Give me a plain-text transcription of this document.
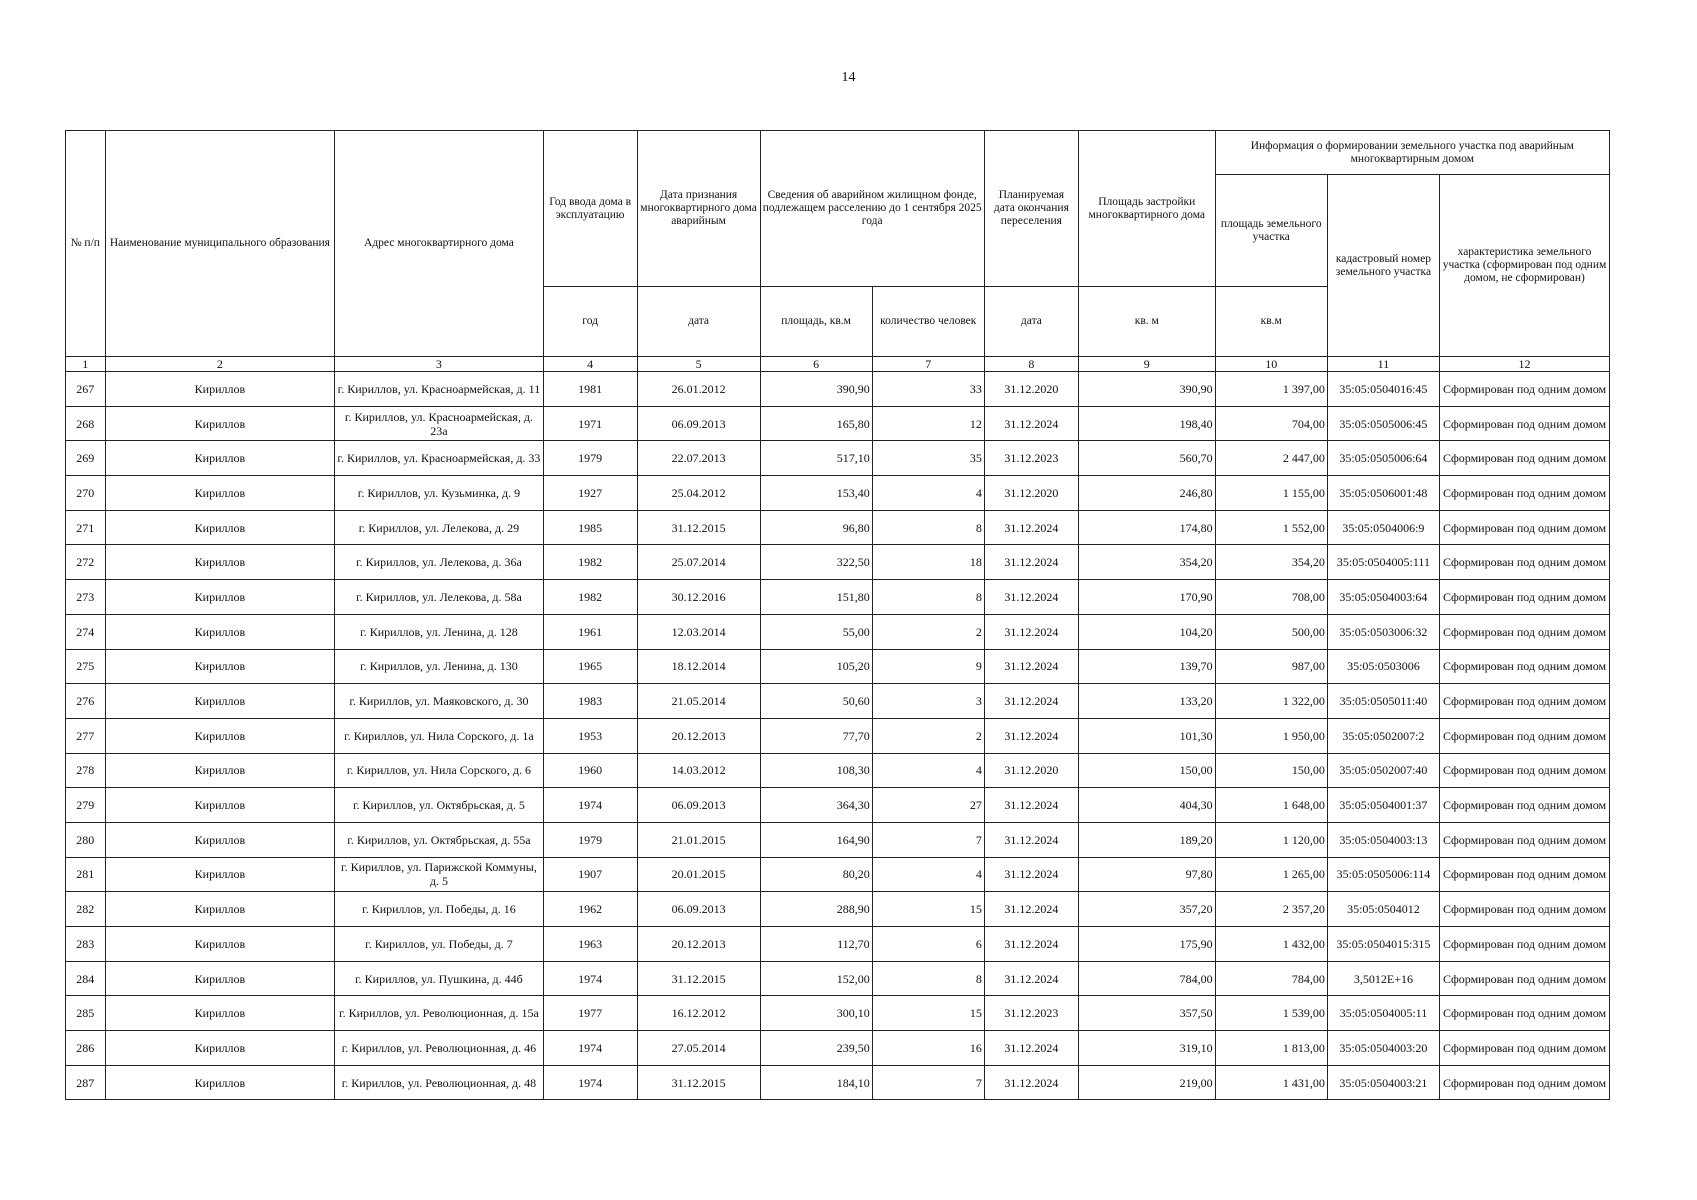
14
№ п/п	Наименование муниципального образования	Адрес многоквартирного дома	Год ввода дома в эксплуатацию	Дата признания многоквартирного дома аварийным	Сведения об аварийном жилищном фонде, подлежащем расселению до 1 сентября 2025 года		Планируемая дата окончания переселения	Площадь застройки многоквартирного дома	Информация о формировании земельного участка под аварийным многоквартирным домом		
									площадь земельного участка	кадастровый номер земельного участка	характеристика земельного участка (сформирован под одним домом, не сформирован)
			год	дата	площадь, кв.м	количество человек	дата	кв. м	кв.м		
1	2	3	4	5	6	7	8	9	10	11	12
267	Кириллов	г. Кириллов, ул. Красноармейская, д. 11	1981	26.01.2012	390,90	33	31.12.2020	390,90	1 397,00	35:05:0504016:45	Сформирован под одним домом
268	Кириллов	г. Кириллов, ул. Красноармейская, д. 23а	1971	06.09.2013	165,80	12	31.12.2024	198,40	704,00	35:05:0505006:45	Сформирован под одним домом
269	Кириллов	г. Кириллов, ул. Красноармейская, д. 33	1979	22.07.2013	517,10	35	31.12.2023	560,70	2 447,00	35:05:0505006:64	Сформирован под одним домом
270	Кириллов	г. Кириллов, ул. Кузьминка, д. 9	1927	25.04.2012	153,40	4	31.12.2020	246,80	1 155,00	35:05:0506001:48	Сформирован под одним домом
271	Кириллов	г. Кириллов, ул. Лелекова, д. 29	1985	31.12.2015	96,80	8	31.12.2024	174,80	1 552,00	35:05:0504006:9	Сформирован под одним домом
272	Кириллов	г. Кириллов, ул. Лелекова, д. 36а	1982	25.07.2014	322,50	18	31.12.2024	354,20	354,20	35:05:0504005:111	Сформирован под одним домом
273	Кириллов	г. Кириллов, ул. Лелекова, д. 58а	1982	30.12.2016	151,80	8	31.12.2024	170,90	708,00	35:05:0504003:64	Сформирован под одним домом
274	Кириллов	г. Кириллов, ул. Ленина, д. 128	1961	12.03.2014	55,00	2	31.12.2024	104,20	500,00	35:05:0503006:32	Сформирован под одним домом
275	Кириллов	г. Кириллов, ул. Ленина, д. 130	1965	18.12.2014	105,20	9	31.12.2024	139,70	987,00	35:05:0503006	Сформирован под одним домом
276	Кириллов	г. Кириллов, ул. Маяковского, д. 30	1983	21.05.2014	50,60	3	31.12.2024	133,20	1 322,00	35:05:0505011:40	Сформирован под одним домом
277	Кириллов	г. Кириллов, ул. Нила Сорского, д. 1а	1953	20.12.2013	77,70	2	31.12.2024	101,30	1 950,00	35:05:0502007:2	Сформирован под одним домом
278	Кириллов	г. Кириллов, ул. Нила Сорского, д. 6	1960	14.03.2012	108,30	4	31.12.2020	150,00	150,00	35:05:0502007:40	Сформирован под одним домом
279	Кириллов	г. Кириллов, ул. Октябрьская, д. 5	1974	06.09.2013	364,30	27	31.12.2024	404,30	1 648,00	35:05:0504001:37	Сформирован под одним домом
280	Кириллов	г. Кириллов, ул. Октябрьская, д. 55а	1979	21.01.2015	164,90	7	31.12.2024	189,20	1 120,00	35:05:0504003:13	Сформирован под одним домом
281	Кириллов	г. Кириллов, ул. Парижской Коммуны, д. 5	1907	20.01.2015	80,20	4	31.12.2024	97,80	1 265,00	35:05:0505006:114	Сформирован под одним домом
282	Кириллов	г. Кириллов, ул. Победы, д. 16	1962	06.09.2013	288,90	15	31.12.2024	357,20	2 357,20	35:05:0504012	Сформирован под одним домом
283	Кириллов	г. Кириллов, ул. Победы, д. 7	1963	20.12.2013	112,70	6	31.12.2024	175,90	1 432,00	35:05:0504015:315	Сформирован под одним домом
284	Кириллов	г. Кириллов, ул. Пушкина, д. 44б	1974	31.12.2015	152,00	8	31.12.2024	784,00	784,00	3,5012E+16	Сформирован под одним домом
285	Кириллов	г. Кириллов, ул. Революционная, д. 15а	1977	16.12.2012	300,10	15	31.12.2023	357,50	1 539,00	35:05:0504005:11	Сформирован под одним домом
286	Кириллов	г. Кириллов, ул. Революционная, д. 46	1974	27.05.2014	239,50	16	31.12.2024	319,10	1 813,00	35:05:0504003:20	Сформирован под одним домом
287	Кириллов	г. Кириллов, ул. Революционная, д. 48	1974	31.12.2015	184,10	7	31.12.2024	219,00	1 431,00	35:05:0504003:21	Сформирован под одним домом
